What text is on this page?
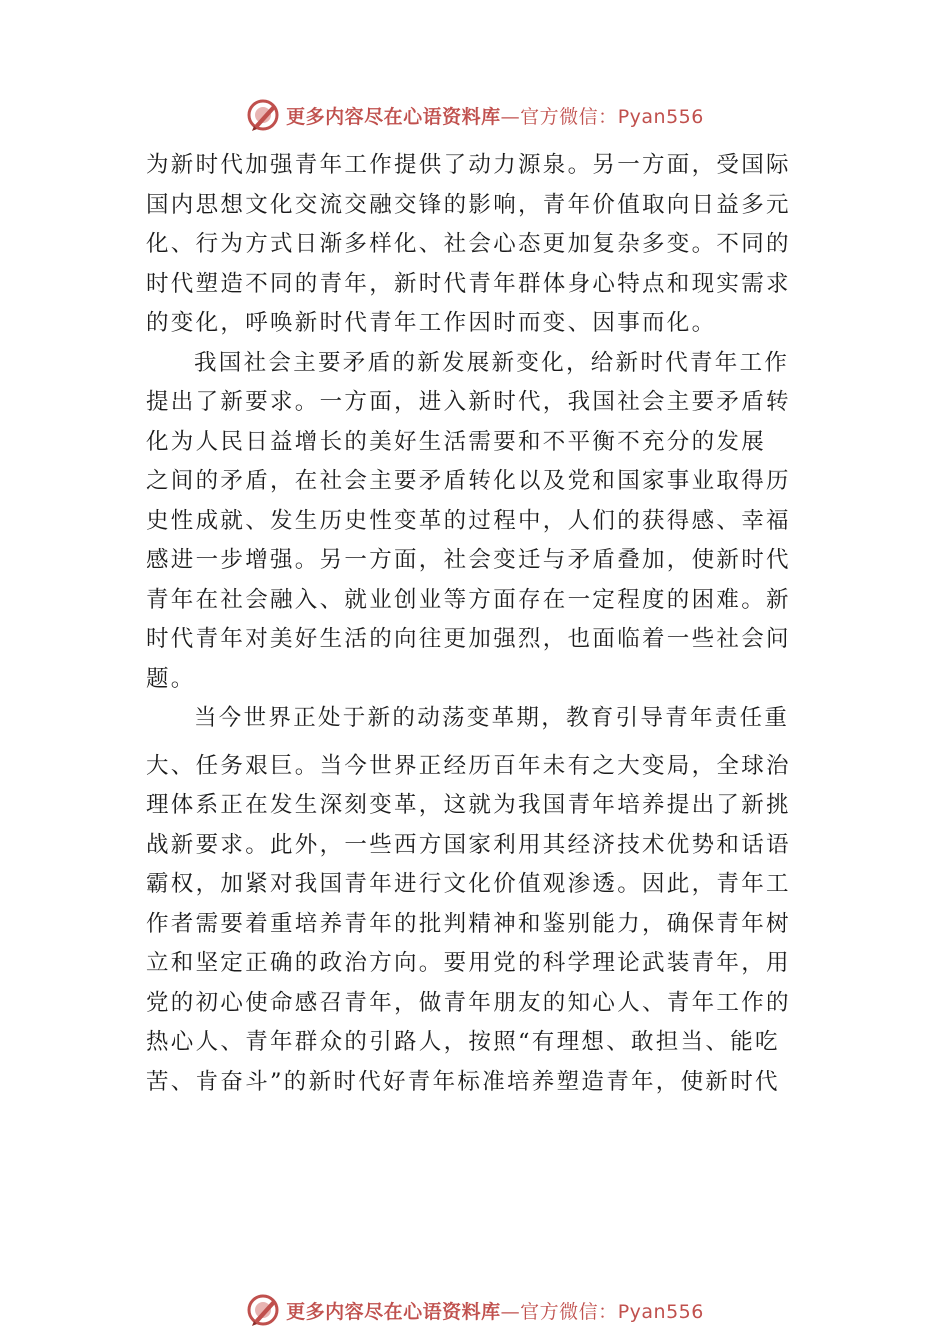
更多内容尽在心语资料库—官方微信：Pyan556
为新时代加强青年工作提供了动力源泉。另一方面，受国际
国内思想文化交流交融交锋的影响，青年价值取向日益多元
化、行为方式日渐多样化、社会心态更加复杂多变。不同的
时代塑造不同的青年，新时代青年群体身心特点和现实需求
的变化，呼唤新时代青年工作因时而变、因事而化。
我国社会主要矛盾的新发展新变化，给新时代青年工作
提出了新要求。一方面，进入新时代，我国社会主要矛盾转
化为人民日益增长的美好生活需要和不平衡不充分的发展
之间的矛盾，在社会主要矛盾转化以及党和国家事业取得历
史性成就、发生历史性变革的过程中，人们的获得感、幸福
感进一步增强。另一方面，社会变迁与矛盾叠加，使新时代
青年在社会融入、就业创业等方面存在一定程度的困难。新
时代青年对美好生活的向往更加强烈，也面临着一些社会问
题。
当今世界正处于新的动荡变革期，教育引导青年责任重
大、任务艰巨。当今世界正经历百年未有之大变局，全球治
理体系正在发生深刻变革，这就为我国青年培养提出了新挑
战新要求。此外，一些西方国家利用其经济技术优势和话语
霸权，加紧对我国青年进行文化价值观渗透。因此，青年工
作者需要着重培养青年的批判精神和鉴别能力，确保青年树
立和坚定正确的政治方向。要用党的科学理论武装青年，用
党的初心使命感召青年，做青年朋友的知心人、青年工作的
热心人、青年群众的引路人，按照“有理想、敢担当、能吃
苦、肯奋斗”的新时代好青年标准培养塑造青年，使新时代
更多内容尽在心语资料库—官方微信：Pyan556
